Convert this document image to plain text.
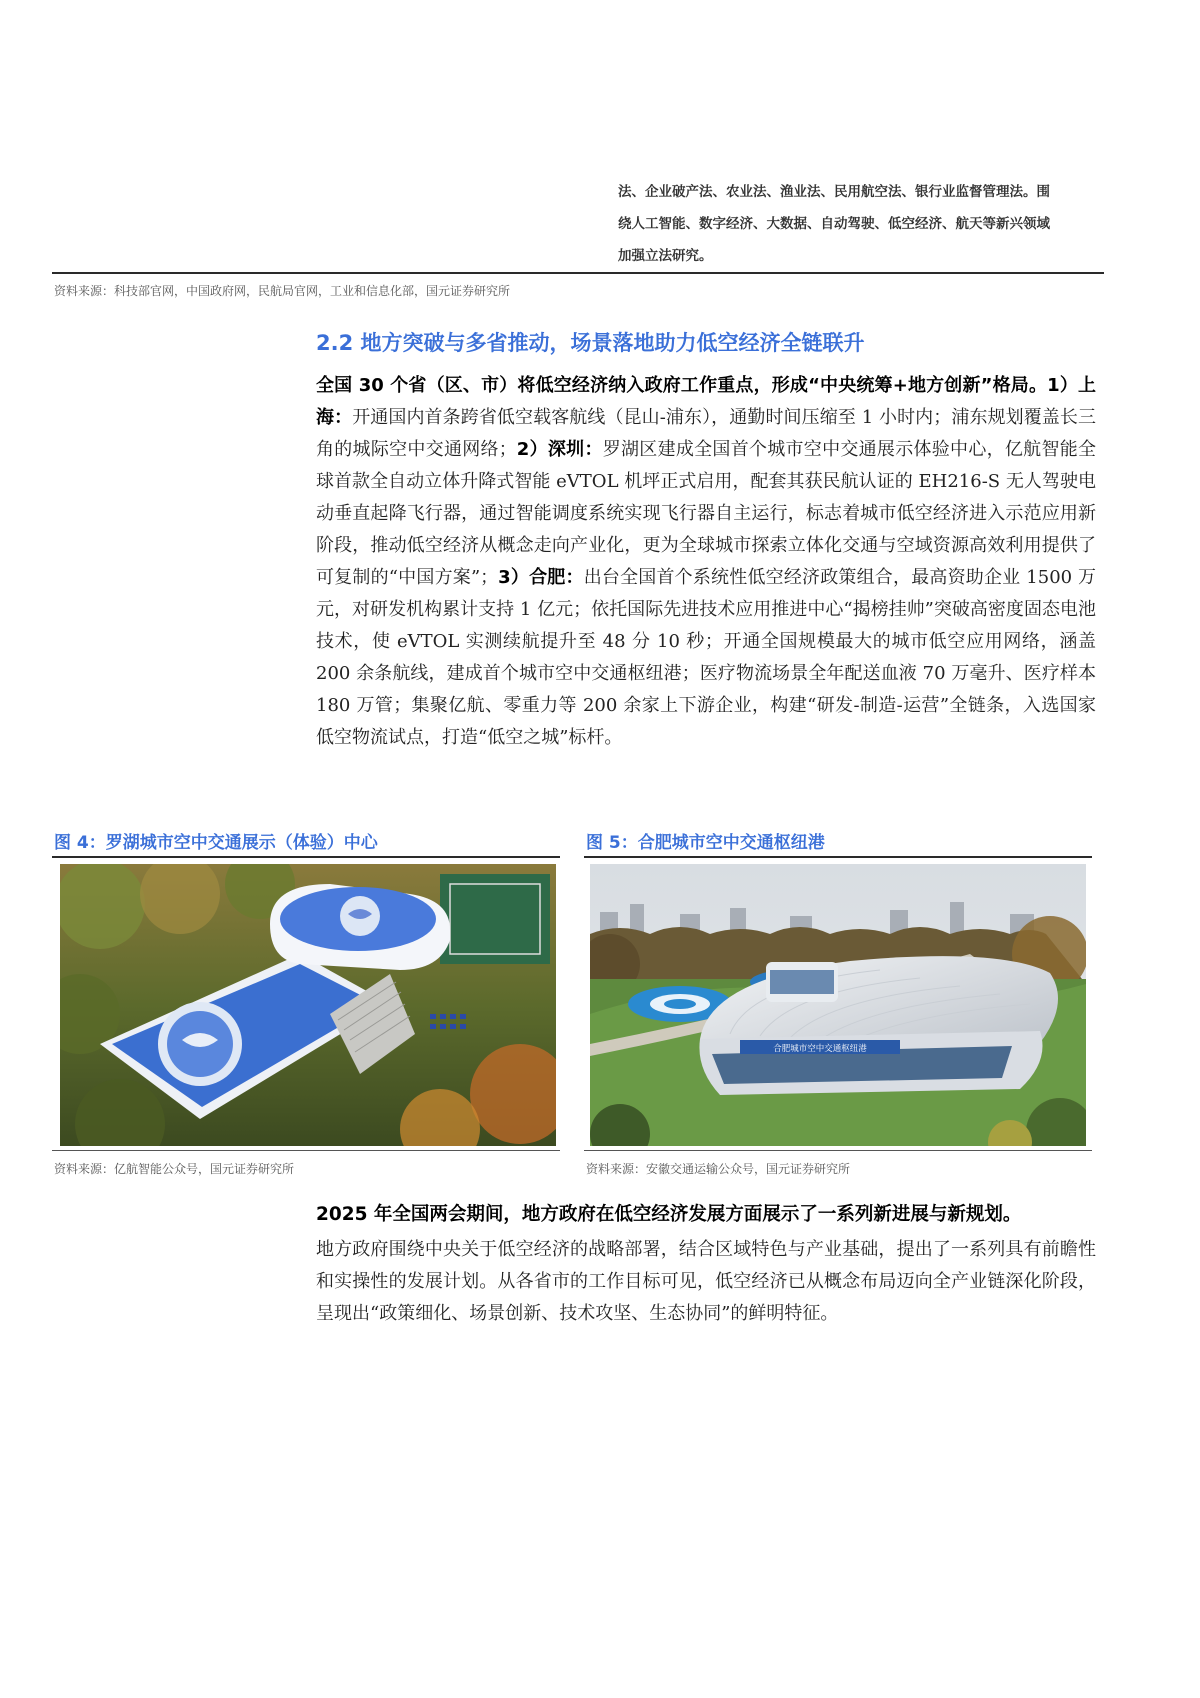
法、企业破产法、农业法、渔业法、民用航空法、银行业监督管理法。围
绕人工智能、数字经济、大数据、自动驾驶、低空经济、航天等新兴领域
加强立法研究。
资料来源：科技部官网，中国政府网，民航局官网，工业和信息化部，国元证券研究所
2.2 地方突破与多省推动，场景落地助力低空经济全链联升
全国 30 个省（区、市）将低空经济纳入政府工作重点，形成“中央统筹+地方创新”格局。1）上海：开通国内首条跨省低空载客航线（昆山-浦东），通勤时间压缩至 1 小时内；浦东规划覆盖长三角的城际空中交通网络；2）深圳：罗湖区建成全国首个城市空中交通展示体验中心，亿航智能全球首款全自动立体升降式智能 eVTOL 机坪正式启用，配套其获民航认证的 EH216-S 无人驾驶电动垂直起降飞行器，通过智能调度系统实现飞行器自主运行，标志着城市低空经济进入示范应用新阶段，推动低空经济从概念走向产业化，更为全球城市探索立体化交通与空域资源高效利用提供了可复制的“中国方案”；3）合肥：出台全国首个系统性低空经济政策组合，最高资助企业 1500 万元，对研发机构累计支持 1 亿元；依托国际先进技术应用推进中心“揭榜挂帅”突破高密度固态电池技术，使 eVTOL 实测续航提升至 48 分 10 秒；开通全国规模最大的城市低空应用网络，涵盖 200 余条航线，建成首个城市空中交通枢纽港；医疗物流场景全年配送血液 70 万毫升、医疗样本 180 万管；集聚亿航、零重力等 200 余家上下游企业，构建“研发-制造-运营”全链条，入选国家低空物流试点，打造“低空之城”标杆。
图 4：罗湖城市空中交通展示（体验）中心	图 5：合肥城市空中交通枢纽港
合肥城市空中交通枢纽港
资料来源：亿航智能公众号，国元证券研究所	资料来源：安徽交通运输公众号，国元证券研究所
2025 年全国两会期间，地方政府在低空经济发展方面展示了一系列新进展与新规划。
地方政府围绕中央关于低空经济的战略部署，结合区域特色与产业基础，提出了一系列具有前瞻性和实操性的发展计划。从各省市的工作目标可见，低空经济已从概念布局迈向全产业链深化阶段，呈现出“政策细化、场景创新、技术攻坚、生态协同”的鲜明特征。
